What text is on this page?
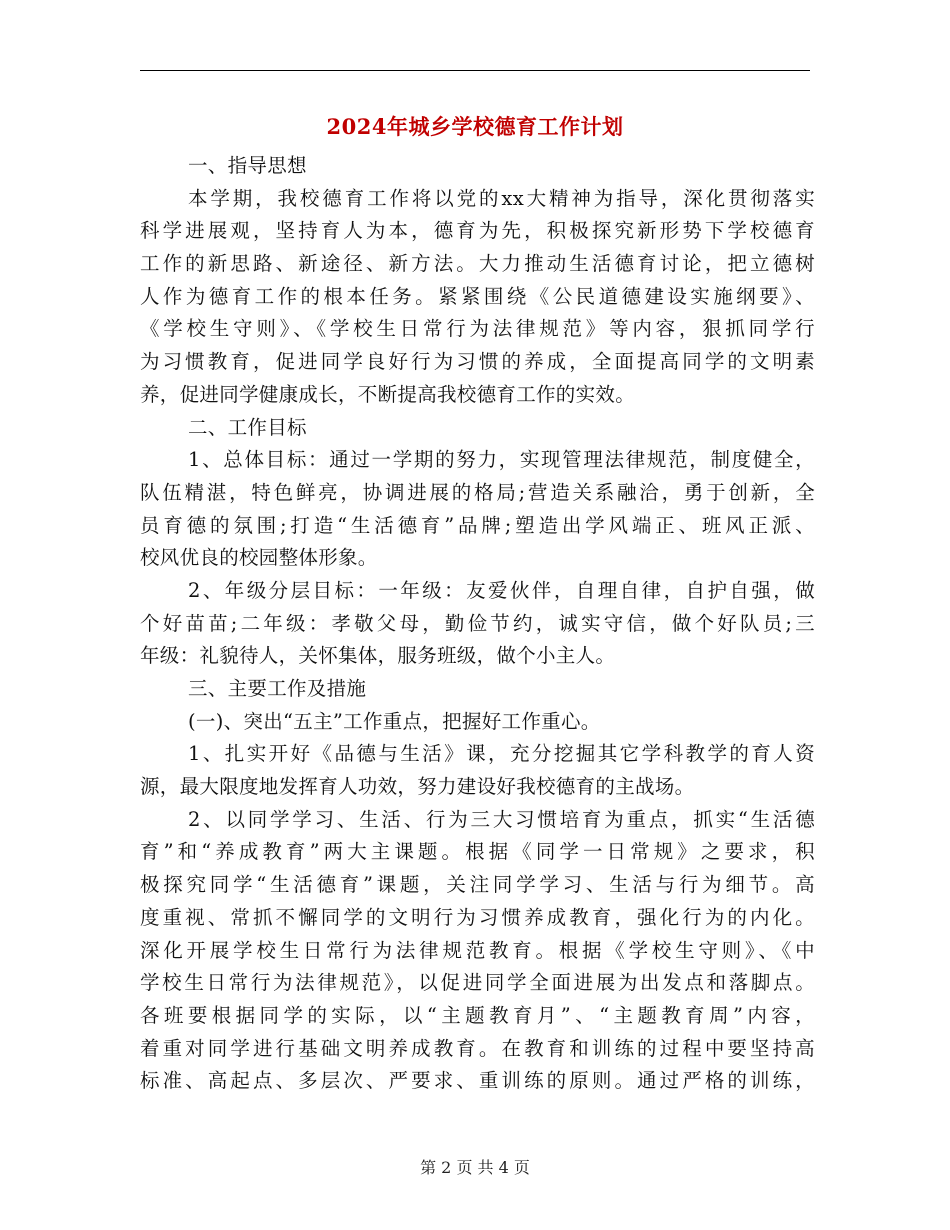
2024年城乡学校德育工作计划
一、指导思想
本学期，我校德育工作将以党的xx大精神为指导，深化贯彻落实
科学进展观，坚持育人为本，德育为先，积极探究新形势下学校德育
工作的新思路、新途径、新方法。大力推动生活德育讨论，把立德树
人作为德育工作的根本任务。紧紧围绕《公民道德建设实施纲要》、
《学校生守则》、《学校生日常行为法律规范》等内容，狠抓同学行
为习惯教育，促进同学良好行为习惯的养成，全面提高同学的文明素
养，促进同学健康成长，不断提高我校德育工作的实效。
二、工作目标
1、总体目标：通过一学期的努力，实现管理法律规范，制度健全，
队伍精湛，特色鲜亮，协调进展的格局;营造关系融洽，勇于创新，全
员育德的氛围;打造“生活德育”品牌;塑造出学风端正、班风正派、
校风优良的校园整体形象。
2、年级分层目标：一年级：友爱伙伴，自理自律，自护自强，做
个好苗苗;二年级：孝敬父母，勤俭节约，诚实守信，做个好队员;三
年级：礼貌待人，关怀集体，服务班级，做个小主人。
三、主要工作及措施
(一)、突出“五主”工作重点，把握好工作重心。
1、扎实开好《品德与生活》课，充分挖掘其它学科教学的育人资
源，最大限度地发挥育人功效，努力建设好我校德育的主战场。
2、以同学学习、生活、行为三大习惯培育为重点，抓实“生活德
育”和“养成教育”两大主课题。根据《同学一日常规》之要求，积
极探究同学“生活德育”课题，关注同学学习、生活与行为细节。高
度重视、常抓不懈同学的文明行为习惯养成教育，强化行为的内化。
深化开展学校生日常行为法律规范教育。根据《学校生守则》、《中
学校生日常行为法律规范》，以促进同学全面进展为出发点和落脚点。
各班要根据同学的实际，以“主题教育月”、“主题教育周”内容，
着重对同学进行基础文明养成教育。在教育和训练的过程中要坚持高
标准、高起点、多层次、严要求、重训练的原则。通过严格的训练，
第 2 页 共 4 页
